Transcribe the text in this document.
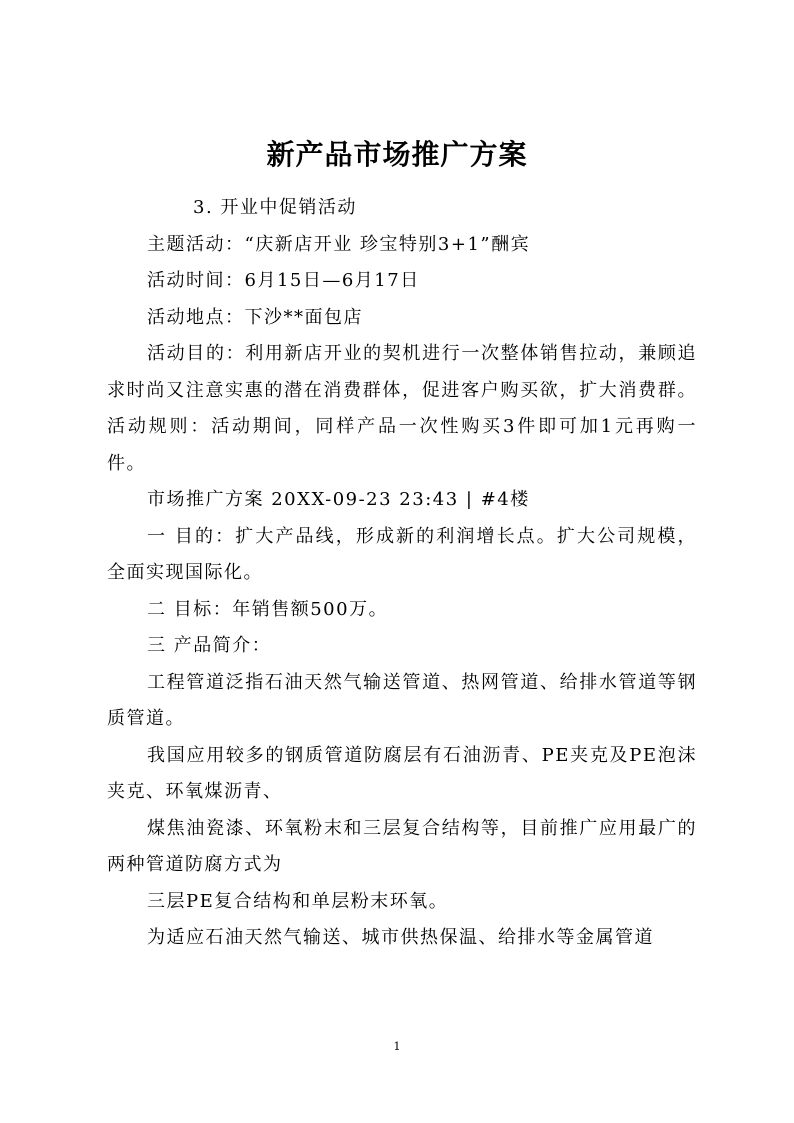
新产品市场推广方案

3. 开业中促销活动

主题活动：“庆新店开业 珍宝特别3+1”酬宾

活动时间：6月15日—6月17日

活动地点：下沙**面包店

活动目的：利用新店开业的契机进行一次整体销售拉动，兼顾追求时尚又注意实惠的潜在消费群体，促进客户购买欲，扩大消费群。 活动规则：活动期间，同样产品一次性购买3件即可加1元再购一件。

市场推广方案 20XX-09-23 23:43 | #4楼

一 目的：扩大产品线，形成新的利润增长点。扩大公司规模，全面实现国际化。

二 目标：年销售额500万。

三 产品简介：

工程管道泛指石油天然气输送管道、热网管道、给排水管道等钢质管道。

我国应用较多的钢质管道防腐层有石油沥青、PE夹克及PE泡沫夹克、环氧煤沥青、

煤焦油瓷漆、环氧粉末和三层复合结构等，目前推广应用最广的两种管道防腐方式为

三层PE复合结构和单层粉末环氧。

为适应石油天然气输送、城市供热保温、给排水等金属管道

1
